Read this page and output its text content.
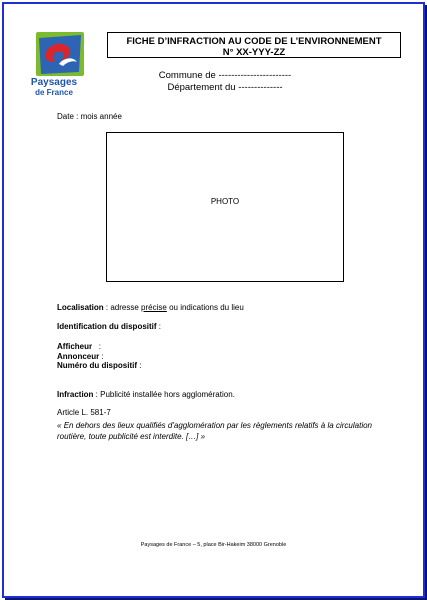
Paysages
de France
FICHE D’INFRACTION AU CODE DE L’ENVIRONNEMENT
N° XX-YYY-ZZ
Commune de -----------------------
Département du --------------
Date : mois année
PHOTO
Localisation : adresse précise ou indications du lieu
Identification du dispositif :
Afficheur   :
Annonceur :
Numéro du dispositif :
Infraction : Publicité installée hors agglomération.
Article L. 581-7
« En dehors des lieux qualifiés d'agglomération par les règlements relatifs à la circulation routière, toute publicité est interdite. […] »
Paysages de France – 5, place Bir-Hakeim 38000 Grenoble
